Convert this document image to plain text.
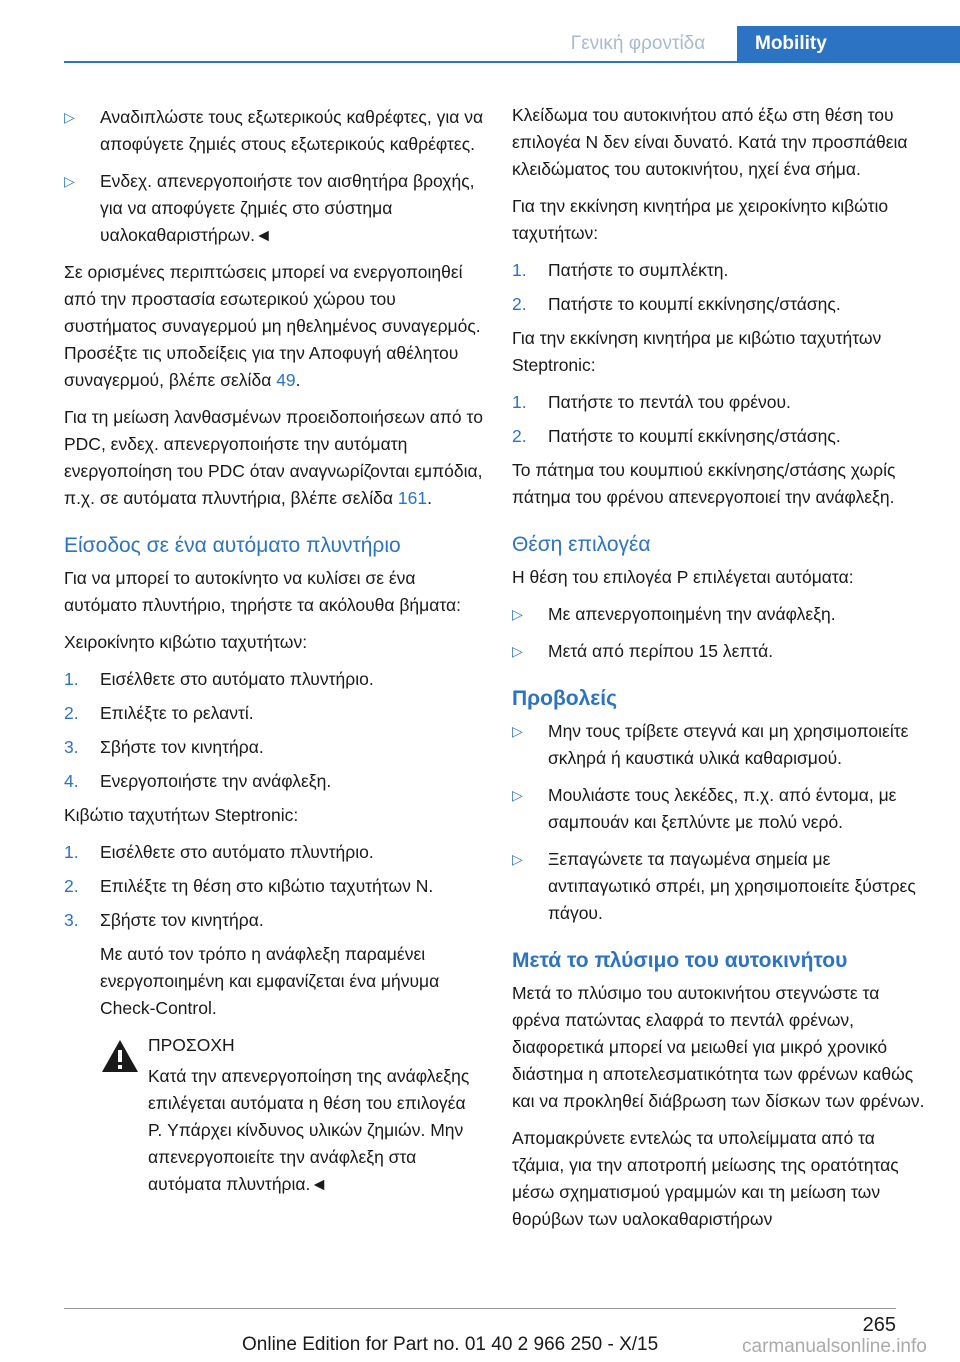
Γενική φροντίδα	Mobility
▷ Αναδιπλώστε τους εξωτερικούς καθρέφτες, για να αποφύγετε ζημιές στους εξωτερικούς καθρέφτες.
▷ Ενδεχ. απενεργοποιήστε τον αισθητήρα βροχής, για να αποφύγετε ζημιές στο σύστημα υαλοκαθαριστήρων.◄

Σε ορισμένες περιπτώσεις μπορεί να ενεργοποιηθεί από την προστασία εσωτερικού χώρου του συστήματος συναγερμού μη ηθελημένος συναγερμός. Προσέξτε τις υποδείξεις για την Αποφυγή αθέλητου συναγερμού, βλέπε σελίδα 49.

Για τη μείωση λανθασμένων προειδοποιήσεων από το PDC, ενδεχ. απενεργοποιήστε την αυτόματη ενεργοποίηση του PDC όταν αναγνωρίζονται εμπόδια, π.χ. σε αυτόματα πλυντήρια, βλέπε σελίδα 161.

Είσοδος σε ένα αυτόματο πλυντήριο

Για να μπορεί το αυτοκίνητο να κυλίσει σε ένα αυτόματο πλυντήριο, τηρήστε τα ακόλουθα βήματα:

Χειροκίνητο κιβώτιο ταχυτήτων:

1. Εισέλθετε στο αυτόματο πλυντήριο.
2. Επιλέξτε το ρελαντί.
3. Σβήστε τον κινητήρα.
4. Ενεργοποιήστε την ανάφλεξη.

Κιβώτιο ταχυτήτων Steptronic:

1. Εισέλθετε στο αυτόματο πλυντήριο.
2. Επιλέξτε τη θέση στο κιβώτιο ταχυτήτων N.
3. Σβήστε τον κινητήρα.

Με αυτό τον τρόπο η ανάφλεξη παραμένει ενεργοποιημένη και εμφανίζεται ένα μήνυμα Check-Control.

ΠΡΟΣΟΧΗ
Κατά την απενεργοποίηση της ανάφλεξης επιλέγεται αυτόματα η θέση του επιλογέα P. Υπάρχει κίνδυνος υλικών ζημιών. Μην απενεργοποιείτε την ανάφλεξη στα αυτόματα πλυντήρια.◄

Κλείδωμα του αυτοκινήτου από έξω στη θέση του επιλογέα N δεν είναι δυνατό. Κατά την προσπάθεια κλειδώματος του αυτοκινήτου, ηχεί ένα σήμα.

Για την εκκίνηση κινητήρα με χειροκίνητο κιβώτιο ταχυτήτων:

1. Πατήστε το συμπλέκτη.
2. Πατήστε το κουμπί εκκίνησης/στάσης.

Για την εκκίνηση κινητήρα με κιβώτιο ταχυτήτων Steptronic:

1. Πατήστε το πεντάλ του φρένου.
2. Πατήστε το κουμπί εκκίνησης/στάσης.

Το πάτημα του κουμπιού εκκίνησης/στάσης χωρίς πάτημα του φρένου απενεργοποιεί την ανάφλεξη.

Θέση επιλογέα

Η θέση του επιλογέα P επιλέγεται αυτόματα:

▷ Με απενεργοποιημένη την ανάφλεξη.
▷ Μετά από περίπου 15 λεπτά.
Προβολείς
▷ Μην τους τρίβετε στεγνά και μη χρησιμοποιείτε σκληρά ή καυστικά υλικά καθαρισμού.
▷ Μουλιάστε τους λεκέδες, π.χ. από έντομα, με σαμπουάν και ξεπλύντε με πολύ νερό.
▷ Ξεπαγώνετε τα παγωμένα σημεία με αντιπαγωτικό σπρέι, μη χρησιμοποιείτε ξύστρες πάγου.
Μετά το πλύσιμο του αυτοκινήτου

Μετά το πλύσιμο του αυτοκινήτου στεγνώστε τα φρένα πατώντας ελαφρά το πεντάλ φρένων, διαφορετικά μπορεί να μειωθεί για μικρό χρονικό διάστημα η αποτελεσματικότητα των φρένων καθώς και να προκληθεί διάβρωση των δίσκων των φρένων.

Απομακρύνετε εντελώς τα υπολείμματα από τα τζάμια, για την αποτροπή μείωσης της ορατότητας μέσω σχηματισμού γραμμών και τη μείωση των θορύβων των υαλοκαθαριστήρων

265
Online Edition for Part no. 01 40 2 966 250 - X/15	carmanualsonline.info
